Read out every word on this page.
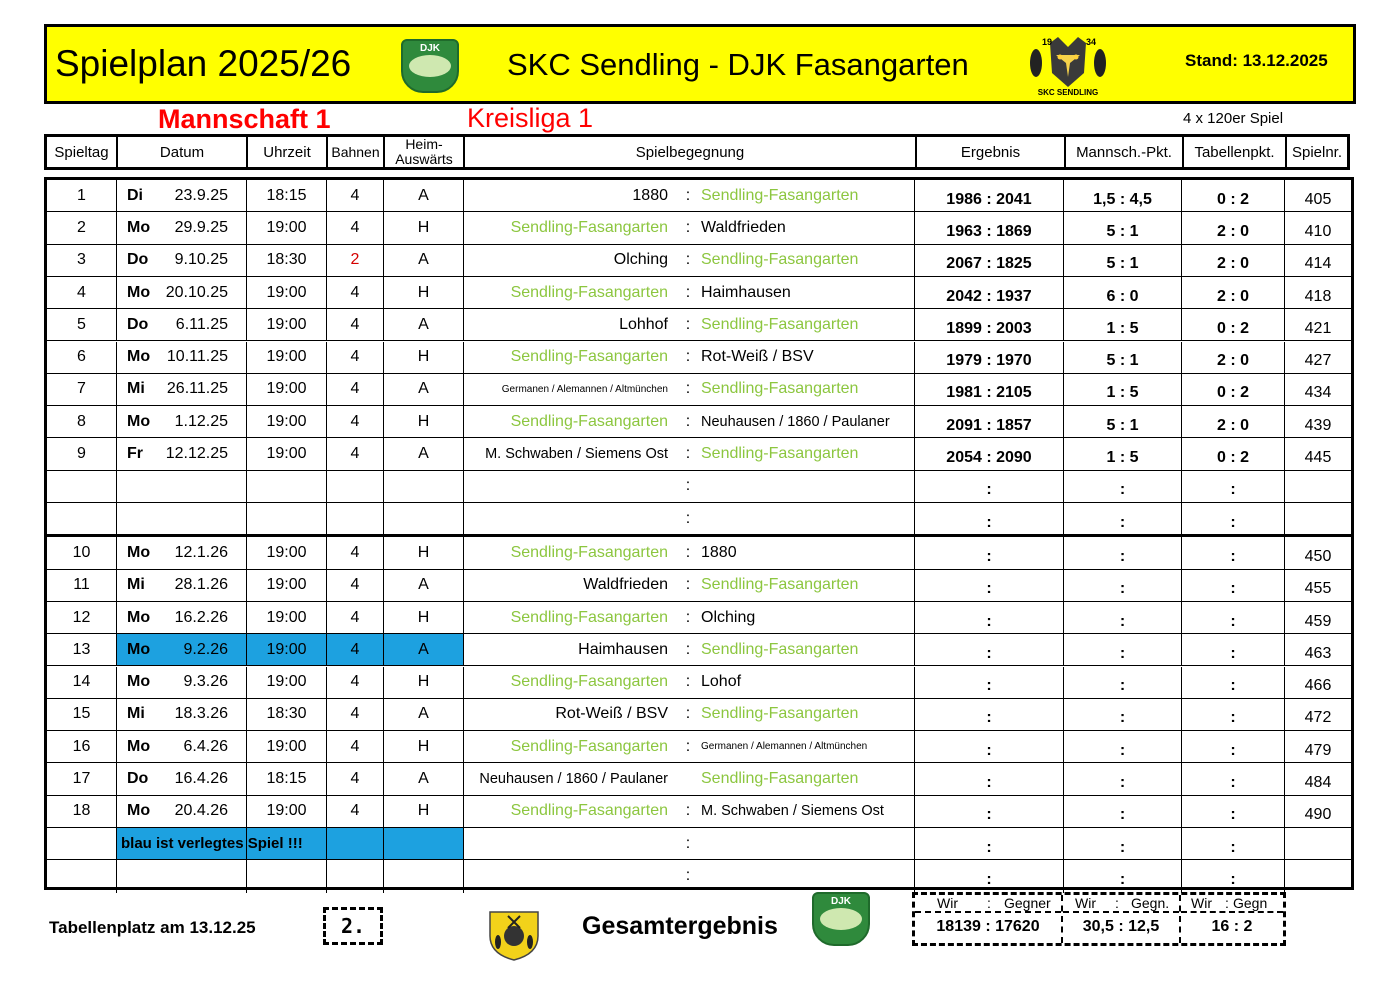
Spielplan 2025/26	DJK	SKC Sendling - DJK Fasangarten
19	34
SKC SENDLING
Stand: 13.12.2025
Mannschaft 1	Kreisliga 1	4 x 120er Spiel
Spieltag	Datum	Uhrzeit	Bahnen	Heim-
Auswärts	Spielbegegnung	Ergebnis	Mannsch.-Pkt.	Tabellenpkt.	Spielnr.
1	Di 23.9.25 18:15	4	A	1880 : Sendling-Fasangarten	1986 : 2041	1,5 : 4,5	0 : 2	405
2	Mo 29.9.25 19:00	4	H	Sendling-Fasangarten : Waldfrieden	1963 : 1869	5 : 1	2 : 0	410
3	Do 9.10.25 18:30	2	A	Olching : Sendling-Fasangarten	2067 : 1825	5 : 1	2 : 0	414
4	Mo 20.10.25 19:00	4	H	Sendling-Fasangarten : Haimhausen	2042 : 1937	6 : 0	2 : 0	418
5	Do 6.11.25 19:00	4	A	Lohhof : Sendling-Fasangarten	1899 : 2003	1 : 5	0 : 2	421
6	Mo 10.11.25 19:00	4	H	Sendling-Fasangarten : Rot-Weiß / BSV	1979 : 1970	5 : 1	2 : 0	427
7	Mi 26.11.25 19:00	4	A	Germanen / Alemannen / Altmünchen : Sendling-Fasangarten	1981 : 2105	1 : 5	0 : 2	434
8	Mo 1.12.25 19:00	4	H	Sendling-Fasangarten : Neuhausen / 1860 / Paulaner	2091 : 1857	5 : 1	2 : 0	439
9	Fr 12.12.25 19:00	4	A	M. Schwaben / Siemens Ost : Sendling-Fasangarten	2054 : 2090	1 : 5	0 : 2	445
:	:	:	:
:	:	:	:
10 Mo 12.1.26 19:00	4	H	Sendling-Fasangarten : 1880	:	:	:	450
11 Mi 28.1.26 19:00	4	A	Waldfrieden : Sendling-Fasangarten	:	:	:	455
12 Mo 16.2.26 19:00	4	H	Sendling-Fasangarten : Olching	:	:	:	459
13 Mo 9.2.26 19:00	4	A	Haimhausen : Sendling-Fasangarten	:	:	:	463
14 Mo 9.3.26 19:00	4	H	Sendling-Fasangarten : Lohof	:	:	:	466
15 Mi 18.3.26 18:30	4	A	Rot-Weiß / BSV : Sendling-Fasangarten	:	:	:	472
16 Mo 6.4.26 19:00	4	H	Sendling-Fasangarten : Germanen / Alemannen / Altmünchen	:	:	:	479
17 Do 16.4.26 18:15	4	A	Neuhausen / 1860 / Paulaner Sendling-Fasangarten	:	:	:	484
18 Mo 20.4.26 19:00	4	H	Sendling-Fasangarten : M. Schwaben / Siemens Ost	:	:	:	490
blau ist verlegtes Spiel !!!	:	:	:	:
:	:	:	:
Tabellenplatz am 13.12.25	2.	Gesamtergebnis
DJK	Wir : Gegner
18139 : 17620
Wir : Gegn.
30,5 : 12,5
Wir : Gegn
16 : 2
